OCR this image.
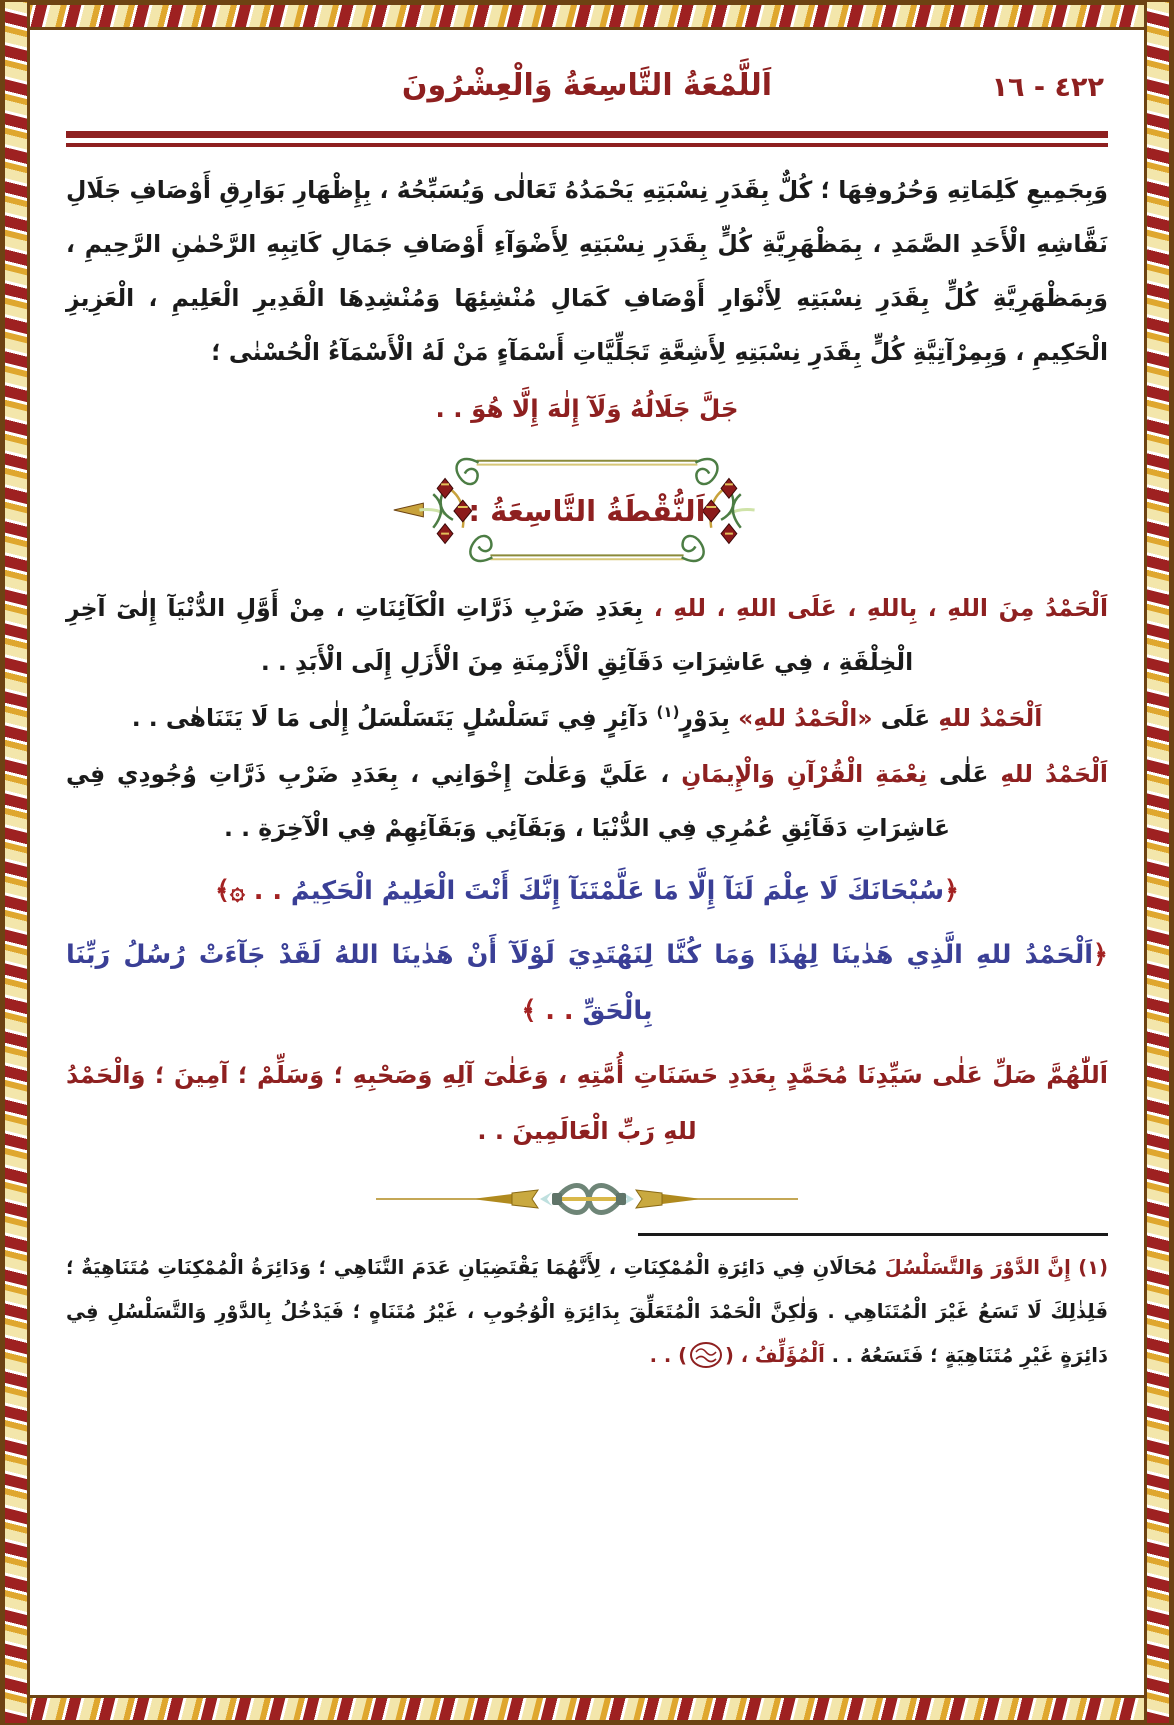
٤٢٢ - ١٦
اَللَّمْعَةُ التَّاسِعَةُ وَالْعِشْرُونَ

وَبِجَمِيعِ كَلِمَاتِهِ وَحُرُوفِهَا ؛ كُلٌّ بِقَدَرِ نِسْبَتِهِ يَحْمَدُهُ تَعَالٰى وَيُسَبِّحُهُ ، بِإِظْهَارِ بَوَارِقِ أَوْصَافِ جَلَالِ نَقَّاشِهِ الْأَحَدِ الصَّمَدِ ، بِمَظْهَرِيَّةِ كُلٍّ بِقَدَرِ نِسْبَتِهِ لِأَضْوَآءِ أَوْصَافِ جَمَالِ كَاتِبِهِ الرَّحْمٰنِ الرَّحِيمِ ، وَبِمَظْهَرِيَّةِ كُلٍّ بِقَدَرِ نِسْبَتِهِ لِأَنْوَارِ أَوْصَافِ كَمَالِ مُنْشِئِهَا وَمُنْشِدِهَا الْقَدِيرِ الْعَلِيمِ ، الْعَزِيزِ الْحَكِيمِ ، وَبِمِرْآتِيَّةِ كُلٍّ بِقَدَرِ نِسْبَتِهِ لِأَشِعَّةِ تَجَلِّيَّاتِ أَسْمَآءٍ مَنْ لَهُ الْأَسْمَآءُ الْحُسْنٰى ؛

جَلَّ جَلَالُهُ وَلَآ إِلٰهَ إِلَّا هُوَ . .
اَلنُّقْطَةُ التَّاسِعَةُ :

اَلْحَمْدُ مِنَ اللهِ ، بِاللهِ ، عَلَى اللهِ ، للهِ ، بِعَدَدِ ضَرْبِ ذَرَّاتِ الْكَآئِنَاتِ ، مِنْ أَوَّلِ الدُّنْيَآ إِلٰىٓ آخِرِ الْخِلْقَةِ ، فِي عَاشِرَاتِ دَقَآئِقِ الْأَزْمِنَةِ مِنَ الْأَزَلِ إِلَى الْأَبَدِ . .

اَلْحَمْدُ للهِ عَلَى «الْحَمْدُ للهِ» بِدَوْرٍ$^{(١)}$ دَآئِرٍ فِي تَسَلْسُلٍ يَتَسَلْسَلُ إِلٰى مَا لَا يَتَنَاهٰى . .

اَلْحَمْدُ للهِ عَلٰى نِعْمَةِ الْقُرْآنِ وَالْإِيمَانِ ، عَلَيَّ وَعَلٰىٓ إِخْوَانِي ، بِعَدَدِ ضَرْبِ ذَرَّاتِ وُجُودِي فِي عَاشِرَاتِ دَقَآئِقِ عُمُرِي فِي الدُّنْيَا ، وَبَقَآئِي وَبَقَآئِهِمْ فِي الْآخِرَةِ . .

﴿سُبْحَانَكَ لَا عِلْمَ لَنَآ إِلَّا مَا عَلَّمْتَنَآ إِنَّكَ أَنْتَ الْعَلِيمُ الْحَكِيمُ . . ۞﴾
﴿اَلْحَمْدُ للهِ الَّذِي هَدٰينَا لِهٰذَا وَمَا كُنَّا لِنَهْتَدِيَ لَوْلَآ أَنْ هَدٰينَا اللهُ لَقَدْ جَآءَتْ رُسُلُ رَبِّنَا بِالْحَقِّ . . ﴾
اَللّٰهُمَّ صَلِّ عَلٰى سَيِّدِنَا مُحَمَّدٍ بِعَدَدِ حَسَنَاتِ أُمَّتِهِ ، وَعَلٰىٓ آلِهِ وَصَحْبِهِ ؛ وَسَلِّمْ ؛ آمِينَ ؛ وَالْحَمْدُ للهِ رَبِّ الْعَالَمِينَ . .
(١) إِنَّ الدَّوْرَ وَالتَّسَلْسُلَ مُحَالَانِ فِي دَائِرَةِ الْمُمْكِنَاتِ ، لِأَنَّهُمَا يَقْتَضِيَانِ عَدَمَ التَّنَاهِي ؛ وَدَائِرَةُ الْمُمْكِنَاتِ مُتَنَاهِيَةٌ ؛ فَلِذٰلِكَ لَا تَسَعُ غَيْرَ الْمُتَنَاهِي . وَلٰكِنَّ الْحَمْدَ الْمُتَعَلِّقَ بِدَائِرَةِ الْوُجُوبِ ، غَيْرُ مُتَنَاهٍ ؛ فَيَدْخُلُ بِالدَّوْرِ وَالتَّسَلْسُلِ فِي دَائِرَةٍ غَيْرِ مُتَنَاهِيَةٍ ؛ فَتَسَعُهُ . . اَلْمُؤَلِّفُ ، () . .
